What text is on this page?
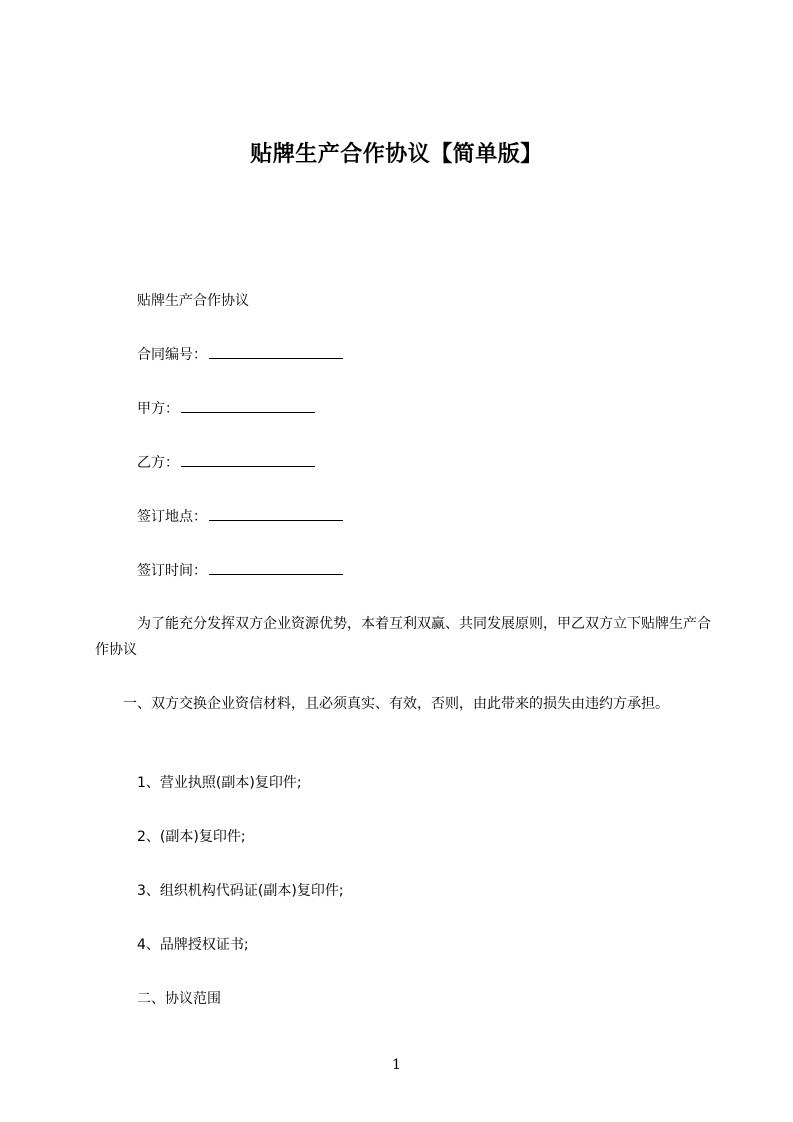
贴牌生产合作协议【简单版】
贴牌生产合作协议
合同编号：
甲方：
乙方：
签订地点：
签订时间：
为了能充分发挥双方企业资源优势，本着互利双赢、共同发展原则，甲乙双方立下贴牌生产合作协议
一、双方交换企业资信材料，且必须真实、有效，否则，由此带来的损失由违约方承担。
1、营业执照(副本)复印件;
2、(副本)复印件;
3、组织机构代码证(副本)复印件;
4、品牌授权证书;
二、协议范围
1
